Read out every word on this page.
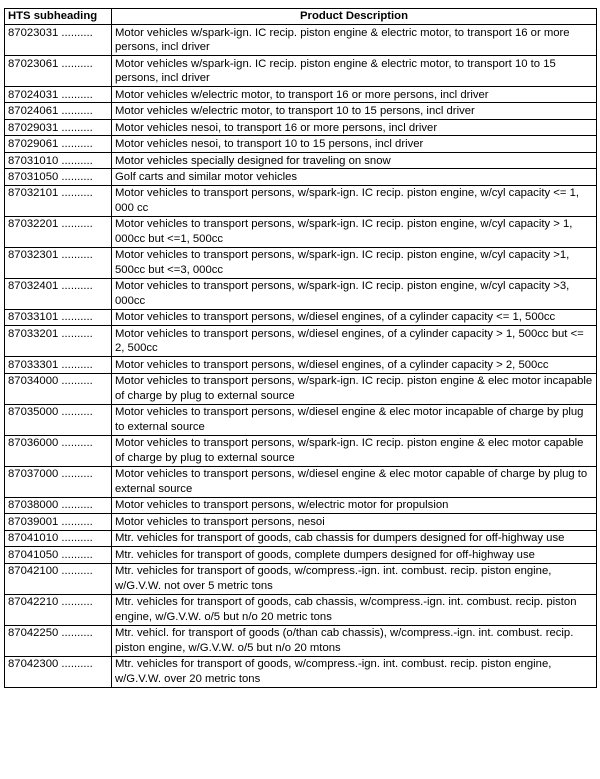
HTS subheading	Product Description
87023031 ..........	Motor vehicles w/spark-ign. IC recip. piston engine & electric motor, to transport 16 or more persons, incl driver
87023061 ..........	Motor vehicles w/spark-ign. IC recip. piston engine & electric motor, to transport 10 to 15 persons, incl driver
87024031 ..........	Motor vehicles w/electric motor, to transport 16 or more persons, incl driver
87024061 ..........	Motor vehicles w/electric motor, to transport 10 to 15 persons, incl driver
87029031 ..........	Motor vehicles nesoi, to transport 16 or more persons, incl driver
87029061 ..........	Motor vehicles nesoi, to transport 10 to 15 persons, incl driver
87031010 ..........	Motor vehicles specially designed for traveling on snow
87031050 ..........	Golf carts and similar motor vehicles
87032101 ..........	Motor vehicles to transport persons, w/spark-ign. IC recip. piston engine, w/cyl capacity <= 1, 000 cc
87032201 ..........	Motor vehicles to transport persons, w/spark-ign. IC recip. piston engine, w/cyl capacity > 1, 000cc but <=1, 500cc
87032301 ..........	Motor vehicles to transport persons, w/spark-ign. IC recip. piston engine, w/cyl capacity >1, 500cc but <=3, 000cc
87032401 ..........	Motor vehicles to transport persons, w/spark-ign. IC recip. piston engine, w/cyl capacity >3, 000cc
87033101 ..........	Motor vehicles to transport persons, w/diesel engines, of a cylinder capacity <= 1, 500cc
87033201 ..........	Motor vehicles to transport persons, w/diesel engines, of a cylinder capacity > 1, 500cc but <= 2, 500cc
87033301 ..........	Motor vehicles to transport persons, w/diesel engines, of a cylinder capacity > 2, 500cc
87034000 ..........	Motor vehicles to transport persons, w/spark-ign. IC recip. piston engine & elec motor incapable of charge by plug to external source
87035000 ..........	Motor vehicles to transport persons, w/diesel engine & elec motor incapable of charge by plug to external source
87036000 ..........	Motor vehicles to transport persons, w/spark-ign. IC recip. piston engine & elec motor capable of charge by plug to external source
87037000 ..........	Motor vehicles to transport persons, w/diesel engine & elec motor capable of charge by plug to external source
87038000 ..........	Motor vehicles to transport persons, w/electric motor for propulsion
87039001 ..........	Motor vehicles to transport persons, nesoi
87041010 ..........	Mtr. vehicles for transport of goods, cab chassis for dumpers designed for off-highway use
87041050 ..........	Mtr. vehicles for transport of goods, complete dumpers designed for off-highway use
87042100 ..........	Mtr. vehicles for transport of goods, w/compress.-ign. int. combust. recip. piston engine, w/G.V.W. not over 5 metric tons
87042210 ..........	Mtr. vehicles for transport of goods, cab chassis, w/compress.-ign. int. combust. recip. piston engine, w/G.V.W. o/5 but n/o 20 metric tons
87042250 ..........	Mtr. vehicl. for transport of goods (o/than cab chassis), w/compress.-ign. int. combust. recip. piston engine, w/G.V.W. o/5 but n/o 20 mtons
87042300 ..........	Mtr. vehicles for transport of goods, w/compress.-ign. int. combust. recip. piston engine, w/G.V.W. over 20 metric tons
